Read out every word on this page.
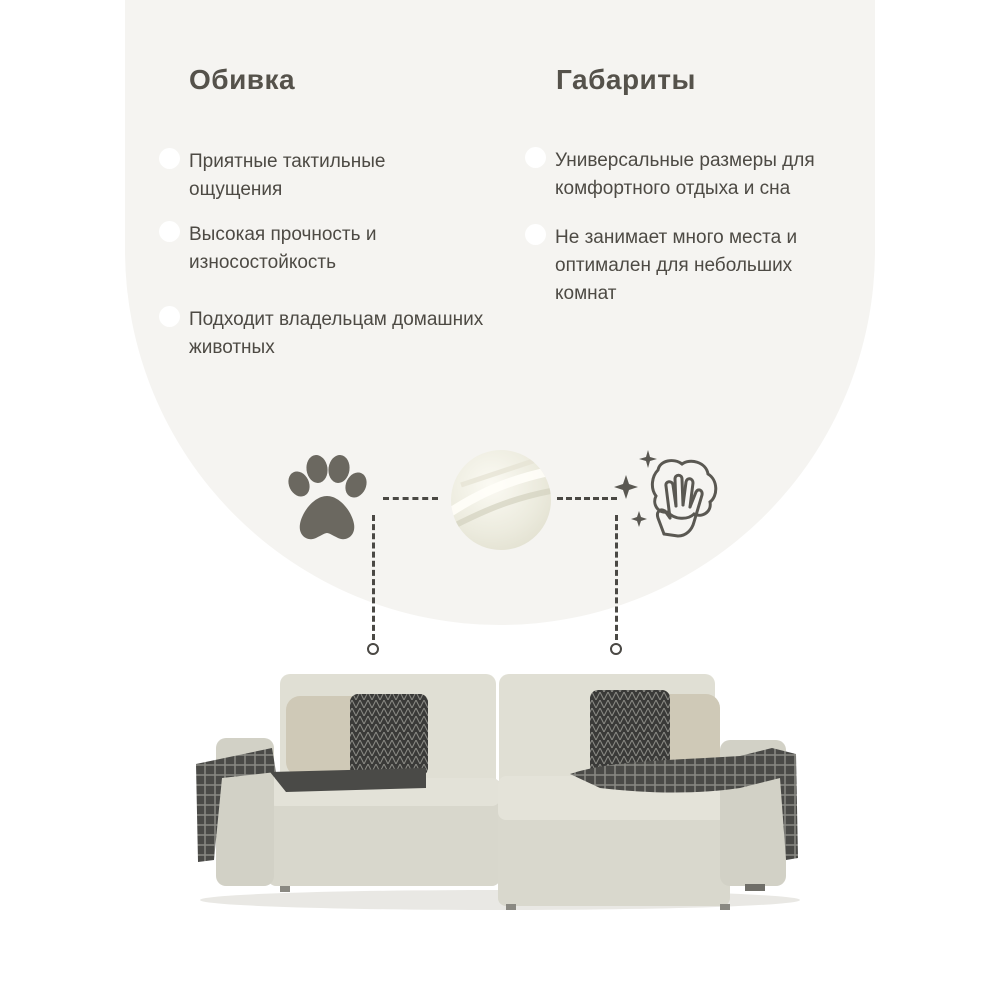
Обивка

Приятные тактильные
ощущения

Высокая прочность и
износостойкость

Подходит владельцам домашних
животных

Габариты

Универсальные размеры для
комфортного отдыха и сна

Не занимает много места и
оптимален для небольших
комнат
